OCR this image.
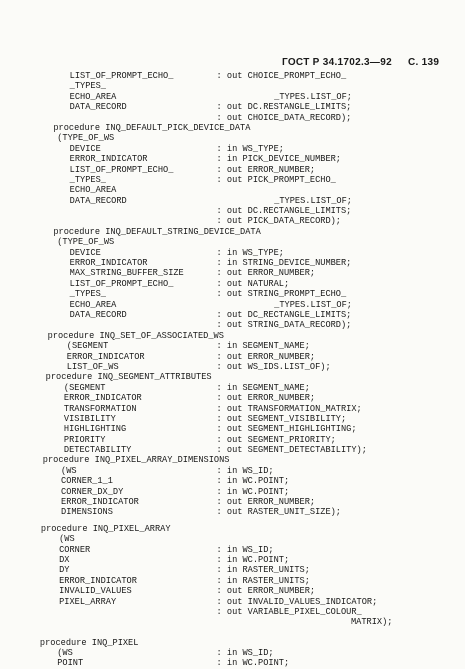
ГОСТ Р 34.1702.3—92 С. 139
LIST_OF_PROMPT_ECHO_	: out CHOICE_PROMPT_ECHO_
_TYPES_
ECHO_AREA	_TYPES.LIST_OF;
DATA_RECORD	: out DC.RESTANGLE_LIMITS;
: out CHOICE_DATA_RECORD);
procedure INQ_DEFAULT_PICK_DEVICE_DATA
(TYPE_OF_WS
DEVICE	: in WS_TYPE;
ERROR_INDICATOR	: in PICK_DEVICE_NUMBER;
LIST_OF_PROMPT_ECHO_	: out ERROR_NUMBER;
_TYPES_	: out PICK_PROMPT_ECHO_
ECHO_AREA
DATA_RECORD	_TYPES.LIST_OF;
: out DC.RECTANGLE_LIMITS;
: out PICK_DATA_RECORD);
procedure INQ_DEFAULT_STRING_DEVICE_DATA
(TYPE_OF_WS
DEVICE	: in WS_TYPE;
ERROR_INDICATOR	: in STRING_DEVICE_NUMBER;
MAX_STRING_BUFFER_SIZE	: out ERROR_NUMBER;
LIST_OF_PROMPT_ECHO_	: out NATURAL;
_TYPES_	: out STRING_PROMPT_ECHO_
ECHO_AREA	_TYPES.LIST_OF;
DATA_RECORD	: out DC_RECTANGLE_LIMITS;
: out STRING_DATA_RECORD);
procedure INQ_SET_OF_ASSOCIATED_WS
(SEGMENT	: in SEGMENT_NAME;
ERROR_INDICATOR	: out ERROR_NUMBER;
LIST_OF_WS	: out WS_IDS.LIST_OF);
procedure INQ_SEGMENT_ATTRIBUTES
(SEGMENT	: in SEGMENT_NAME;
ERROR_INDICATOR	: out ERROR_NUMBER;
TRANSFORMATION	: out TRANSFORMATION_MATRIX;
VISIBILITY	: out SEGMENT_VISIBILITY;
HIGHLIGHTING	: out SEGMENT_HIGHLIGHTING;
PRIORITY	: out SEGMENT_PRIORITY;
DETECTABILITY	: out SEGMENT_DETECTABILITY);
procedure INQ_PIXEL_ARRAY_DIMENSIONS
(WS	: in WS_ID;
CORNER_1_1	: in WC.POINT;
CORNER_DX_DY	: in WC.POINT;
ERROR_INDICATOR	: out ERROR_NUMBER;
DIMENSIONS	: out RASTER_UNIT_SIZE);
procedure INQ_PIXEL_ARRAY
(WS
CORNER	: in WS_ID;
DX	: in WC.POINT;
DY	: in RASTER_UNITS;
ERROR_INDICATOR	: in RASTER_UNITS;
INVALID_VALUES	: out ERROR_NUMBER;
PIXEL_ARRAY	: out INVALID_VALUES_INDICATOR;
: out VARIABLE_PIXEL_COLOUR_
MATRIX);
procedure INQ_PIXEL
(WS	: in WS_ID;
POINT	: in WC.POINT;
